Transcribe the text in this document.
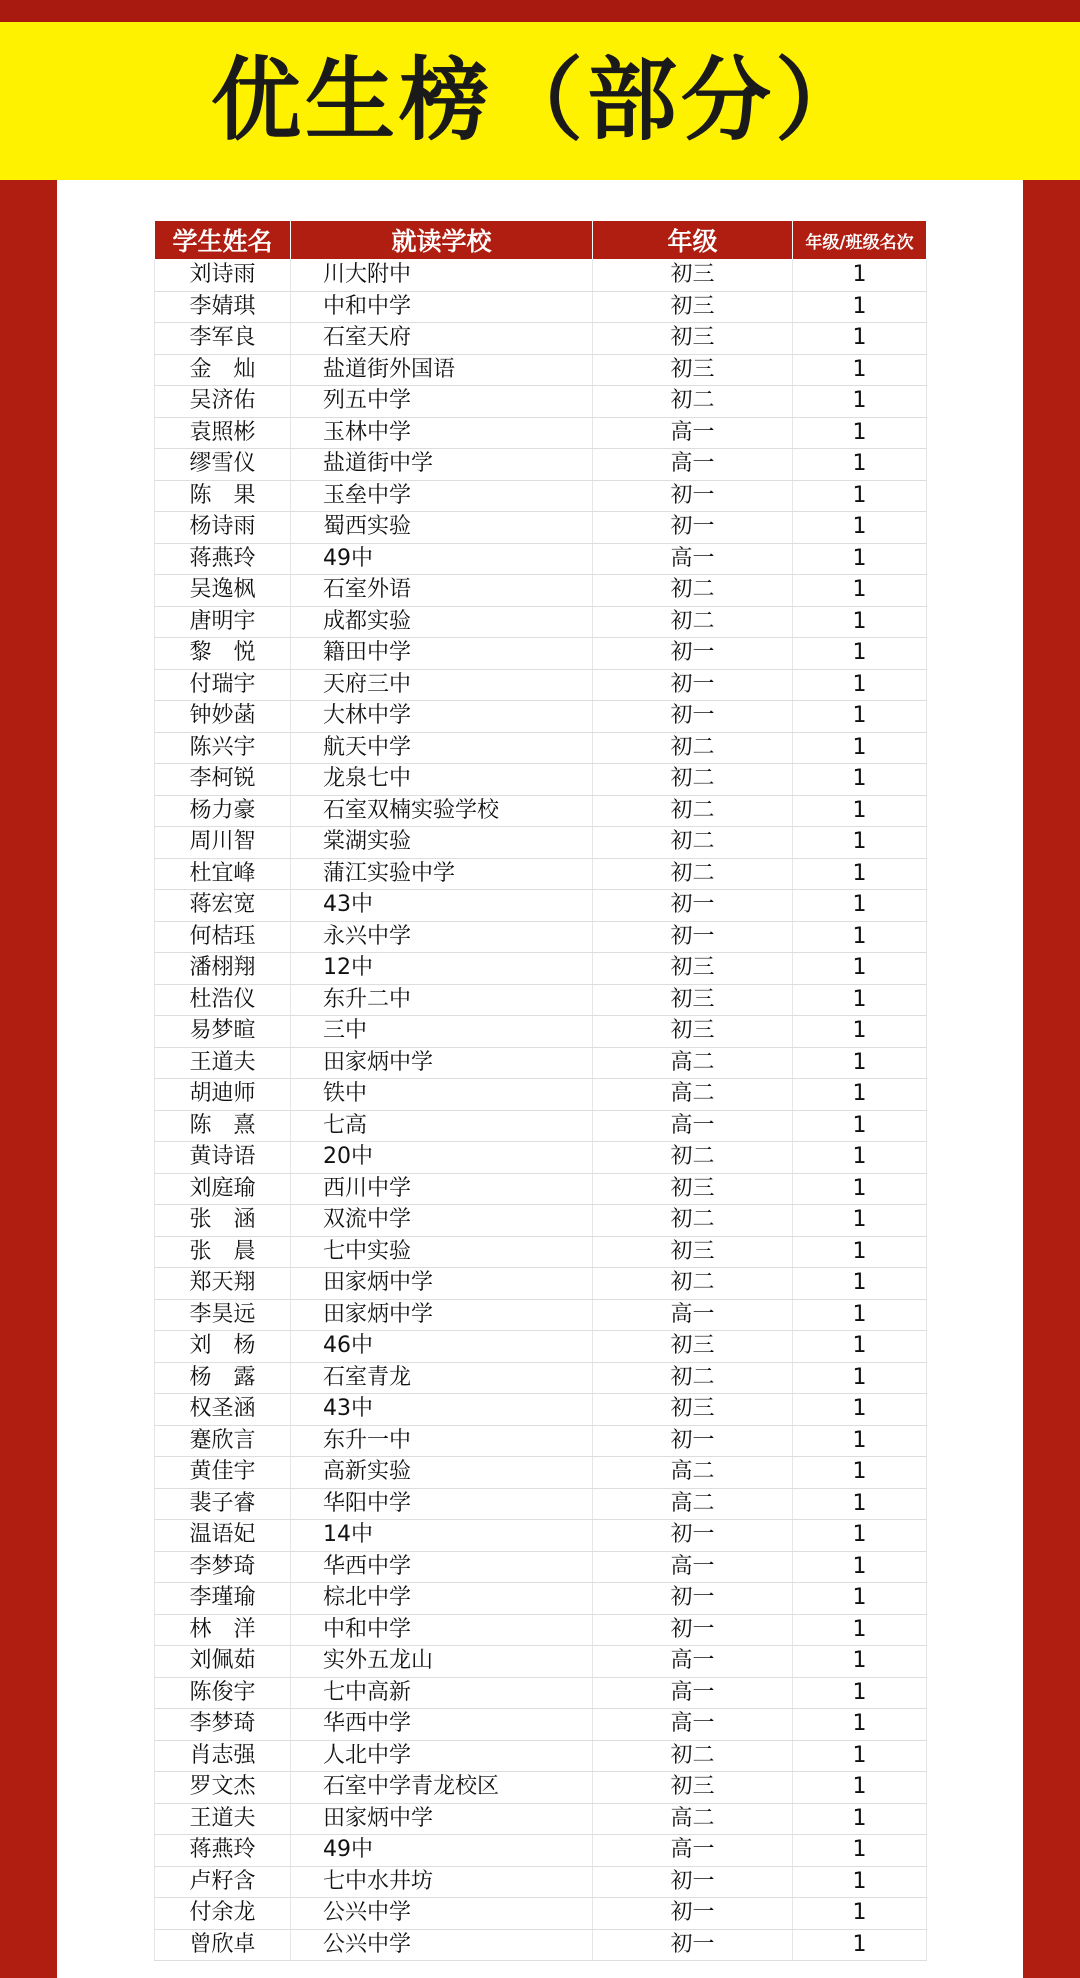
优生榜（部分）
学生姓名	就读学校	年级	年级/班级名次
刘诗雨	川大附中	初三	1
李婧琪	中和中学	初三	1
李军良	石室天府	初三	1
金　灿	盐道街外国语	初三	1
吴济佑	列五中学	初二	1
袁照彬	玉林中学	高一	1
缪雪仪	盐道街中学	高一	1
陈　果	玉垒中学	初一	1
杨诗雨	蜀西实验	初一	1
蒋燕玲	49中	高一	1
吴逸枫	石室外语	初二	1
唐明宇	成都实验	初二	1
黎　悦	籍田中学	初一	1
付瑞宇	天府三中	初一	1
钟妙菡	大林中学	初一	1
陈兴宇	航天中学	初二	1
李柯锐	龙泉七中	初二	1
杨力豪	石室双楠实验学校	初二	1
周川智	棠湖实验	初二	1
杜宜峰	蒲江实验中学	初二	1
蒋宏宽	43中	初一	1
何桔珏	永兴中学	初一	1
潘栩翔	12中	初三	1
杜浩仪	东升二中	初三	1
易梦暄	三中	初三	1
王道夫	田家炳中学	高二	1
胡迪师	铁中	高二	1
陈　熹	七高	高一	1
黄诗语	20中	初二	1
刘庭瑜	西川中学	初三	1
张　涵	双流中学	初二	1
张　晨	七中实验	初三	1
郑天翔	田家炳中学	初二	1
李昊远	田家炳中学	高一	1
刘　杨	46中	初三	1
杨　露	石室青龙	初二	1
权圣涵	43中	初三	1
蹇欣言	东升一中	初一	1
黄佳宇	高新实验	高二	1
裴子睿	华阳中学	高二	1
温语妃	14中	初一	1
李梦琦	华西中学	高一	1
李瑾瑜	棕北中学	初一	1
林　洋	中和中学	初一	1
刘佩茹	实外五龙山	高一	1
陈俊宇	七中高新	高一	1
李梦琦	华西中学	高一	1
肖志强	人北中学	初二	1
罗文杰	石室中学青龙校区	初三	1
王道夫	田家炳中学	高二	1
蒋燕玲	49中	高一	1
卢籽含	七中水井坊	初一	1
付余龙	公兴中学	初一	1
曾欣卓	公兴中学	初一	1
